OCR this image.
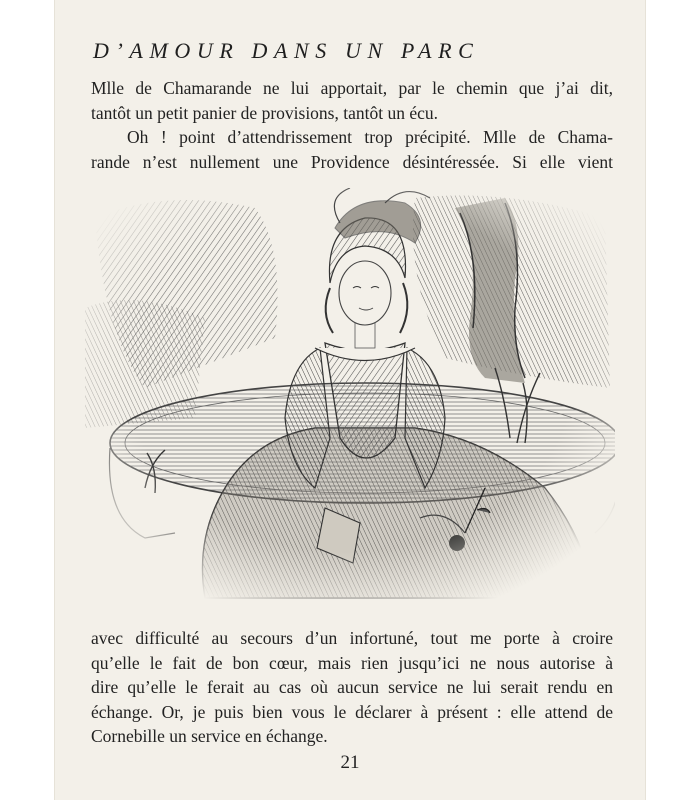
D’AMOUR DANS UN PARC

Mlle de Chamarande ne lui apportait, par le chemin que j’ai dit,

tantôt un petit panier de provisions, tantôt un écu.

Oh ! point d’attendrissement trop précipité. Mlle de Chama-

rande n’est nullement une Providence désintéressée. Si elle vient

avec difficulté au secours d’un infortuné, tout me porte à croire

qu’elle le fait de bon cœur, mais rien jusqu’ici ne nous autorise à

dire qu’elle le ferait au cas où aucun service ne lui serait rendu en

échange. Or, je puis bien vous le déclarer à présent : elle attend de

Cornebille un service en échange.

21
